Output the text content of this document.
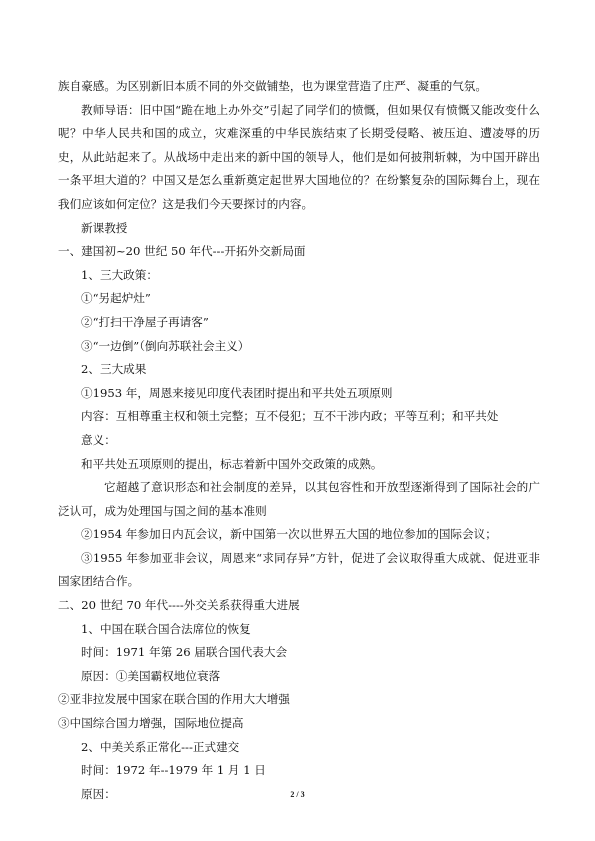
族自豪感。为区别新旧本质不同的外交做铺垫，也为课堂营造了庄严、凝重的气氛。
教师导语：旧中国“跪在地上办外交”引起了同学们的愤慨，但如果仅有愤慨又能改变什么呢？中华人民共和国的成立，灾难深重的中华民族结束了长期受侵略、被压迫、遭凌辱的历史，从此站起来了。从战场中走出来的新中国的领导人，他们是如何披荆斩棘，为中国开辟出一条平坦大道的？中国又是怎么重新奠定起世界大国地位的？在纷繁复杂的国际舞台上，现在我们应该如何定位？这是我们今天要探讨的内容。
新课教授
一、建国初~20 世纪 50 年代---开拓外交新局面
1、三大政策：
①“另起炉灶”
②“打扫干净屋子再请客”
③“一边倒”（倒向苏联社会主义）
2、三大成果
①1953 年，周恩来接见印度代表团时提出和平共处五项原则
内容：互相尊重主权和领土完整；互不侵犯；互不干涉内政；平等互利；和平共处
意义：
和平共处五项原则的提出，标志着新中国外交政策的成熟。
它超越了意识形态和社会制度的差异，以其包容性和开放型逐渐得到了国际社会的广泛认可，成为处理国与国之间的基本准则
②1954 年参加日内瓦会议，新中国第一次以世界五大国的地位参加的国际会议；
③1955 年参加亚非会议，周恩来“求同存异”方针，促进了会议取得重大成就、促进亚非国家团结合作。
二、20 世纪 70 年代----外交关系获得重大进展
1、中国在联合国合法席位的恢复
时间：1971 年第 26 届联合国代表大会
原因：①美国霸权地位衰落
②亚非拉发展中国家在联合国的作用大大增强
③中国综合国力增强，国际地位提高
2、中美关系正常化---正式建交
时间：1972 年--1979 年 1 月 1 日
原因：	2 / 3
